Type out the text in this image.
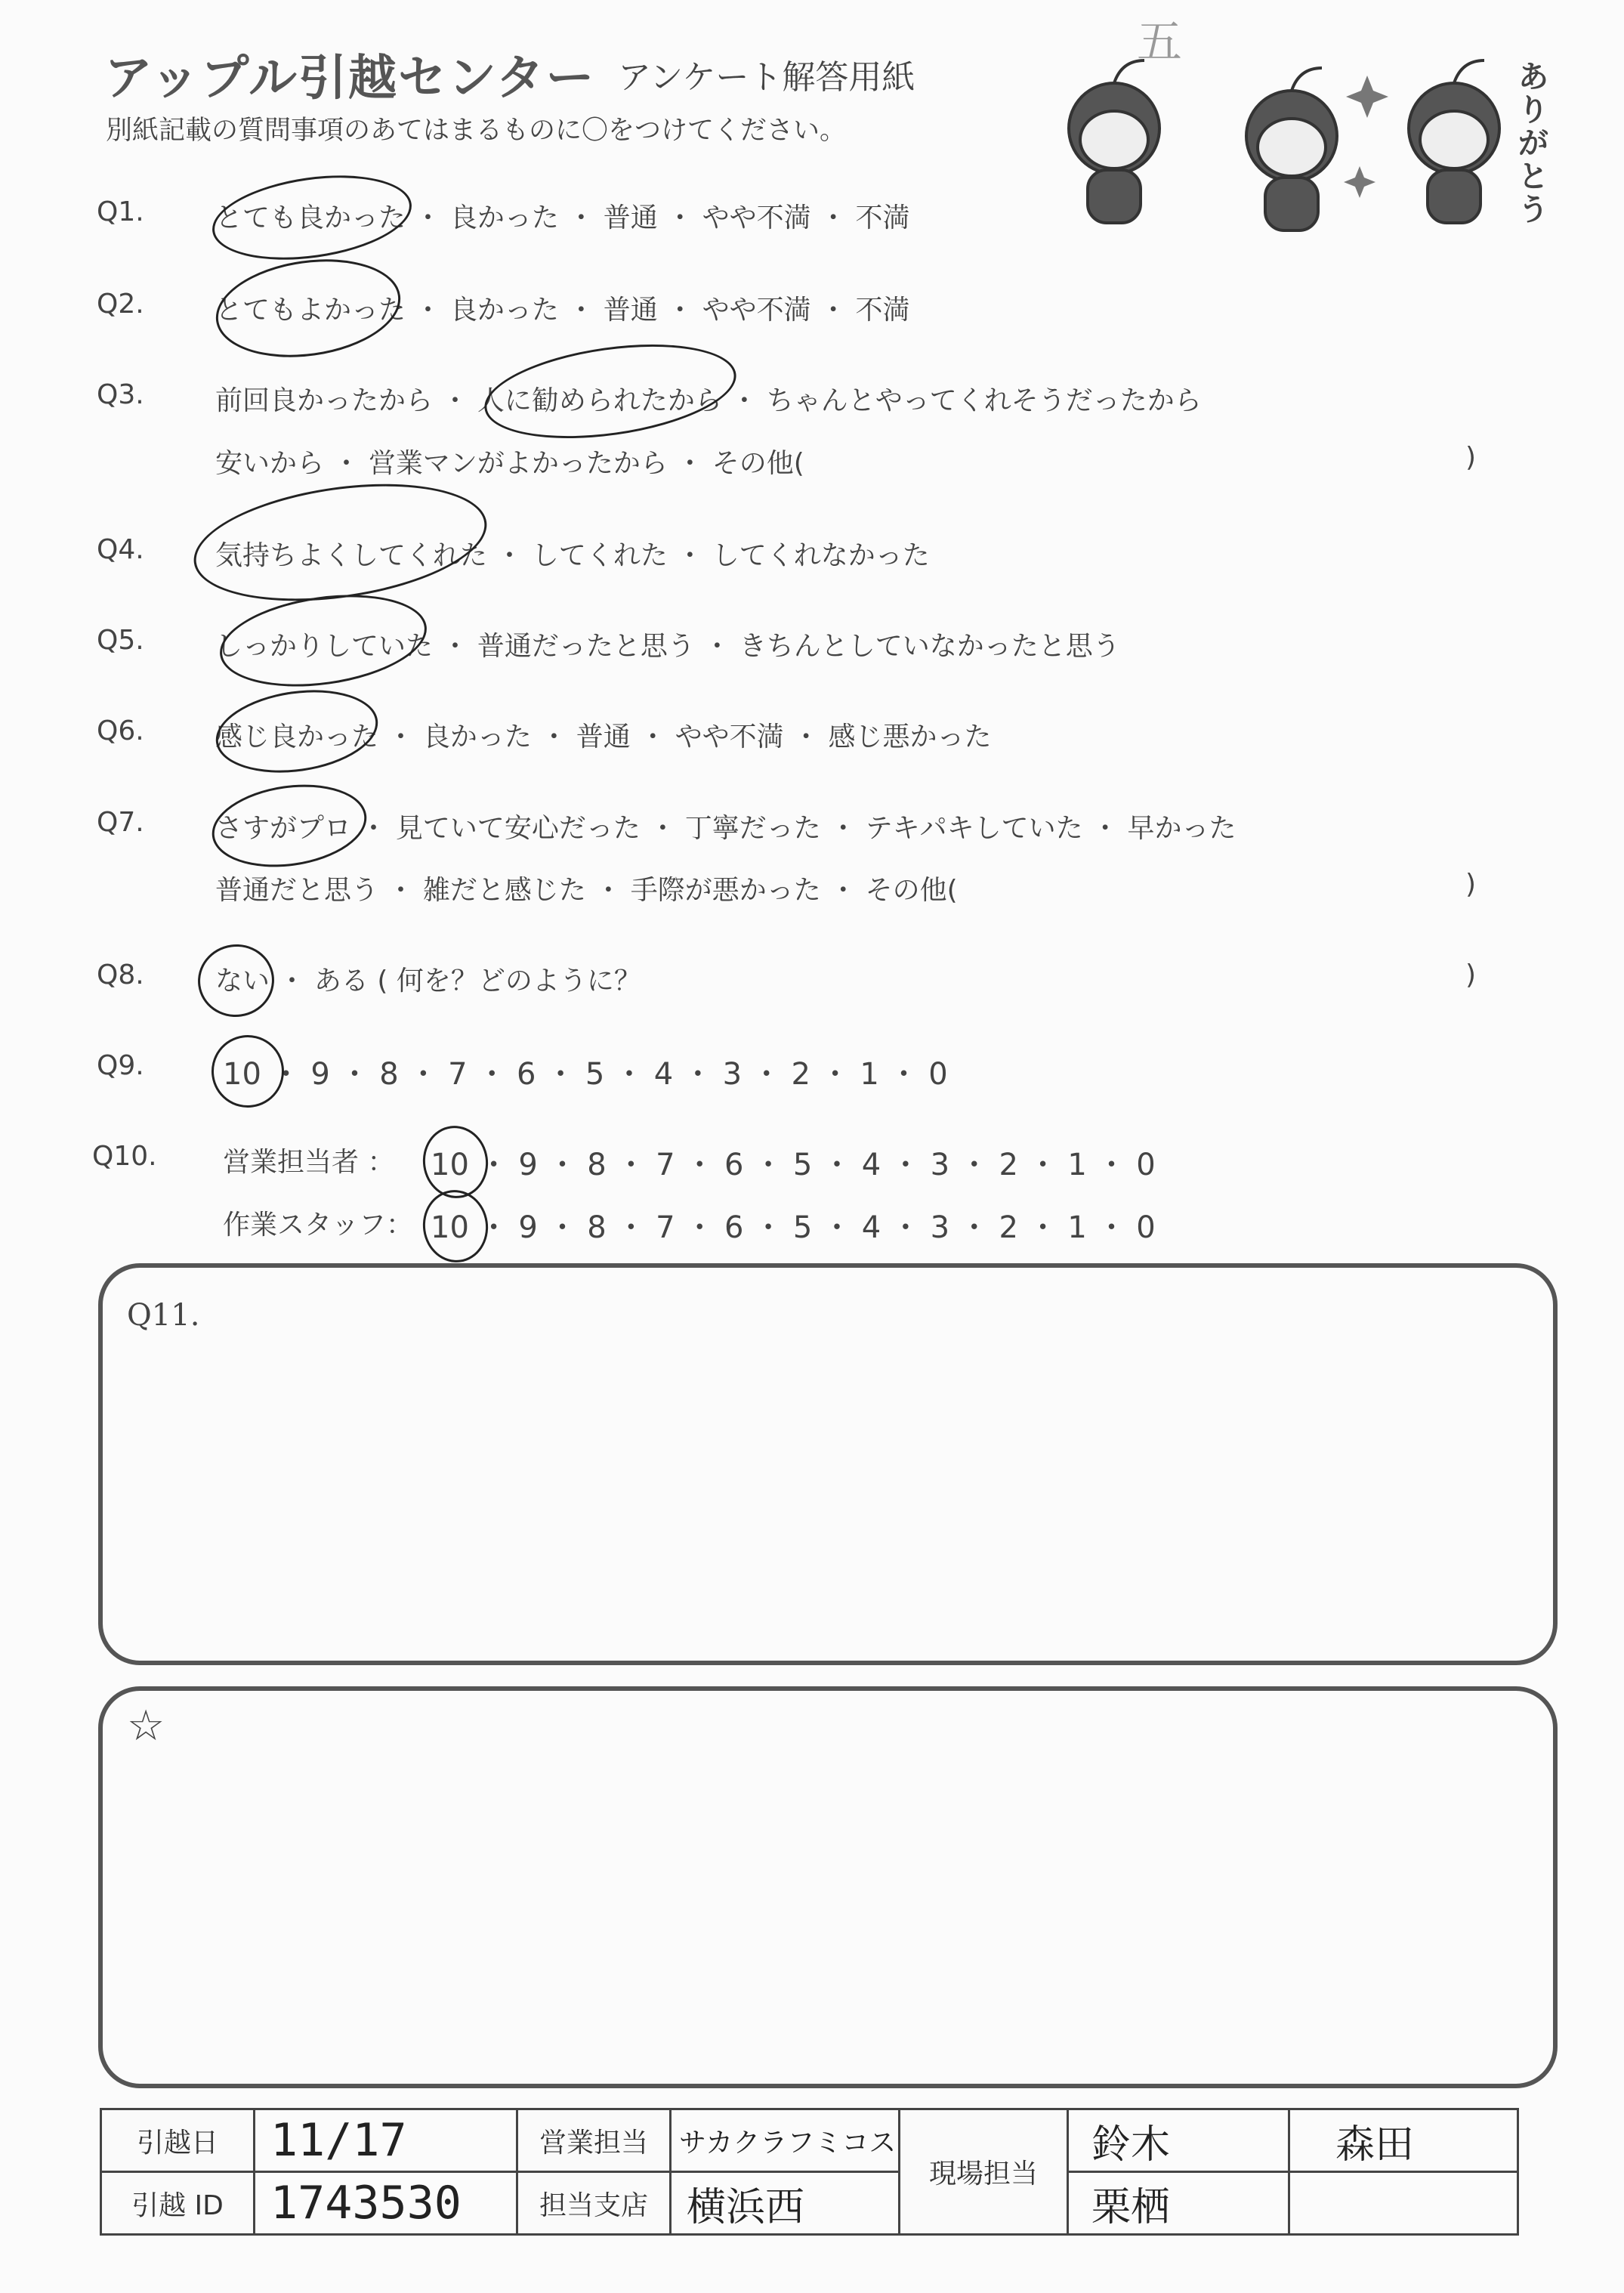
アップル引越センター アンケート解答用紙
別紙記載の質問事項のあてはまるものに〇をつけてください。
五
ありがとう
Q1.	とても良かった ・ 良かった ・ 普通 ・ やや不満 ・ 不満
Q2.	とてもよかった ・ 良かった ・ 普通 ・ やや不満 ・ 不満
Q3.	前回良かったから ・ 人に勧められたから ・ ちゃんとやってくれそうだったから
安いから ・ 営業マンがよかったから ・ その他(	)
Q4.	気持ちよくしてくれた ・ してくれた ・ してくれなかった
Q5.	しっかりしていた ・ 普通だったと思う ・ きちんとしていなかったと思う
Q6.	感じ良かった ・ 良かった ・ 普通 ・ やや不満 ・ 感じ悪かった
Q7.	さすがプロ ・ 見ていて安心だった ・ 丁寧だった ・ テキパキしていた ・ 早かった
普通だと思う ・ 雑だと感じた ・ 手際が悪かった ・ その他(	)
Q8.	ない ・ ある ( 何を？どのように？	)
Q9.	10 ・ 9 ・ 8 ・ 7 ・ 6 ・ 5 ・ 4 ・ 3 ・ 2 ・ 1 ・ 0
Q10. 営業担当者 ： 10 ・ 9 ・ 8 ・ 7 ・ 6 ・ 5 ・ 4 ・ 3 ・ 2 ・ 1 ・ 0
作業スタッフ： 10 ・ 9 ・ 8 ・ 7 ・ 6 ・ 5 ・ 4 ・ 3 ・ 2 ・ 1 ・ 0
Q11.
☆
引越日	11/17	営業担当	サカクラフミコス	現場担当	鈴木	森田
引越 ID	1743530	担当支店	横浜西		栗栖	
